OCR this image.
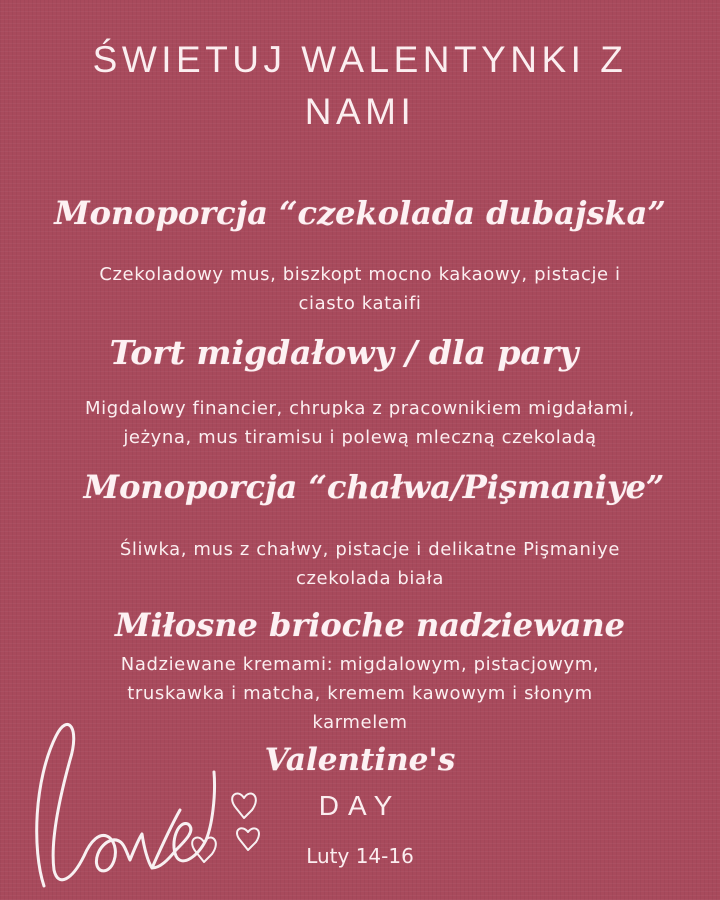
ŚWIETUJ WALENTYNKI Z
NAMI
Monoporcja “czekolada dubajska”
Czekoladowy mus, biszkopt mocno kakaowy, pistacje i
ciasto kataifi
Tort migdałowy / dla pary
Migdalowy financier, chrupka z pracownikiem migdałami,
jeżyna, mus tiramisu i polewą mleczną czekoladą
Monoporcja “chałwa/Pişmaniye”
Śliwka, mus z chałwy, pistacje i delikatne Pişmaniye
czekolada biała
Miłosne brioche nadziewane
Nadziewane kremami: migdalowym, pistacjowym,
truskawka i matcha, kremem kawowym i słonym
karmelem
Valentine's
DAY
Luty 14-16
